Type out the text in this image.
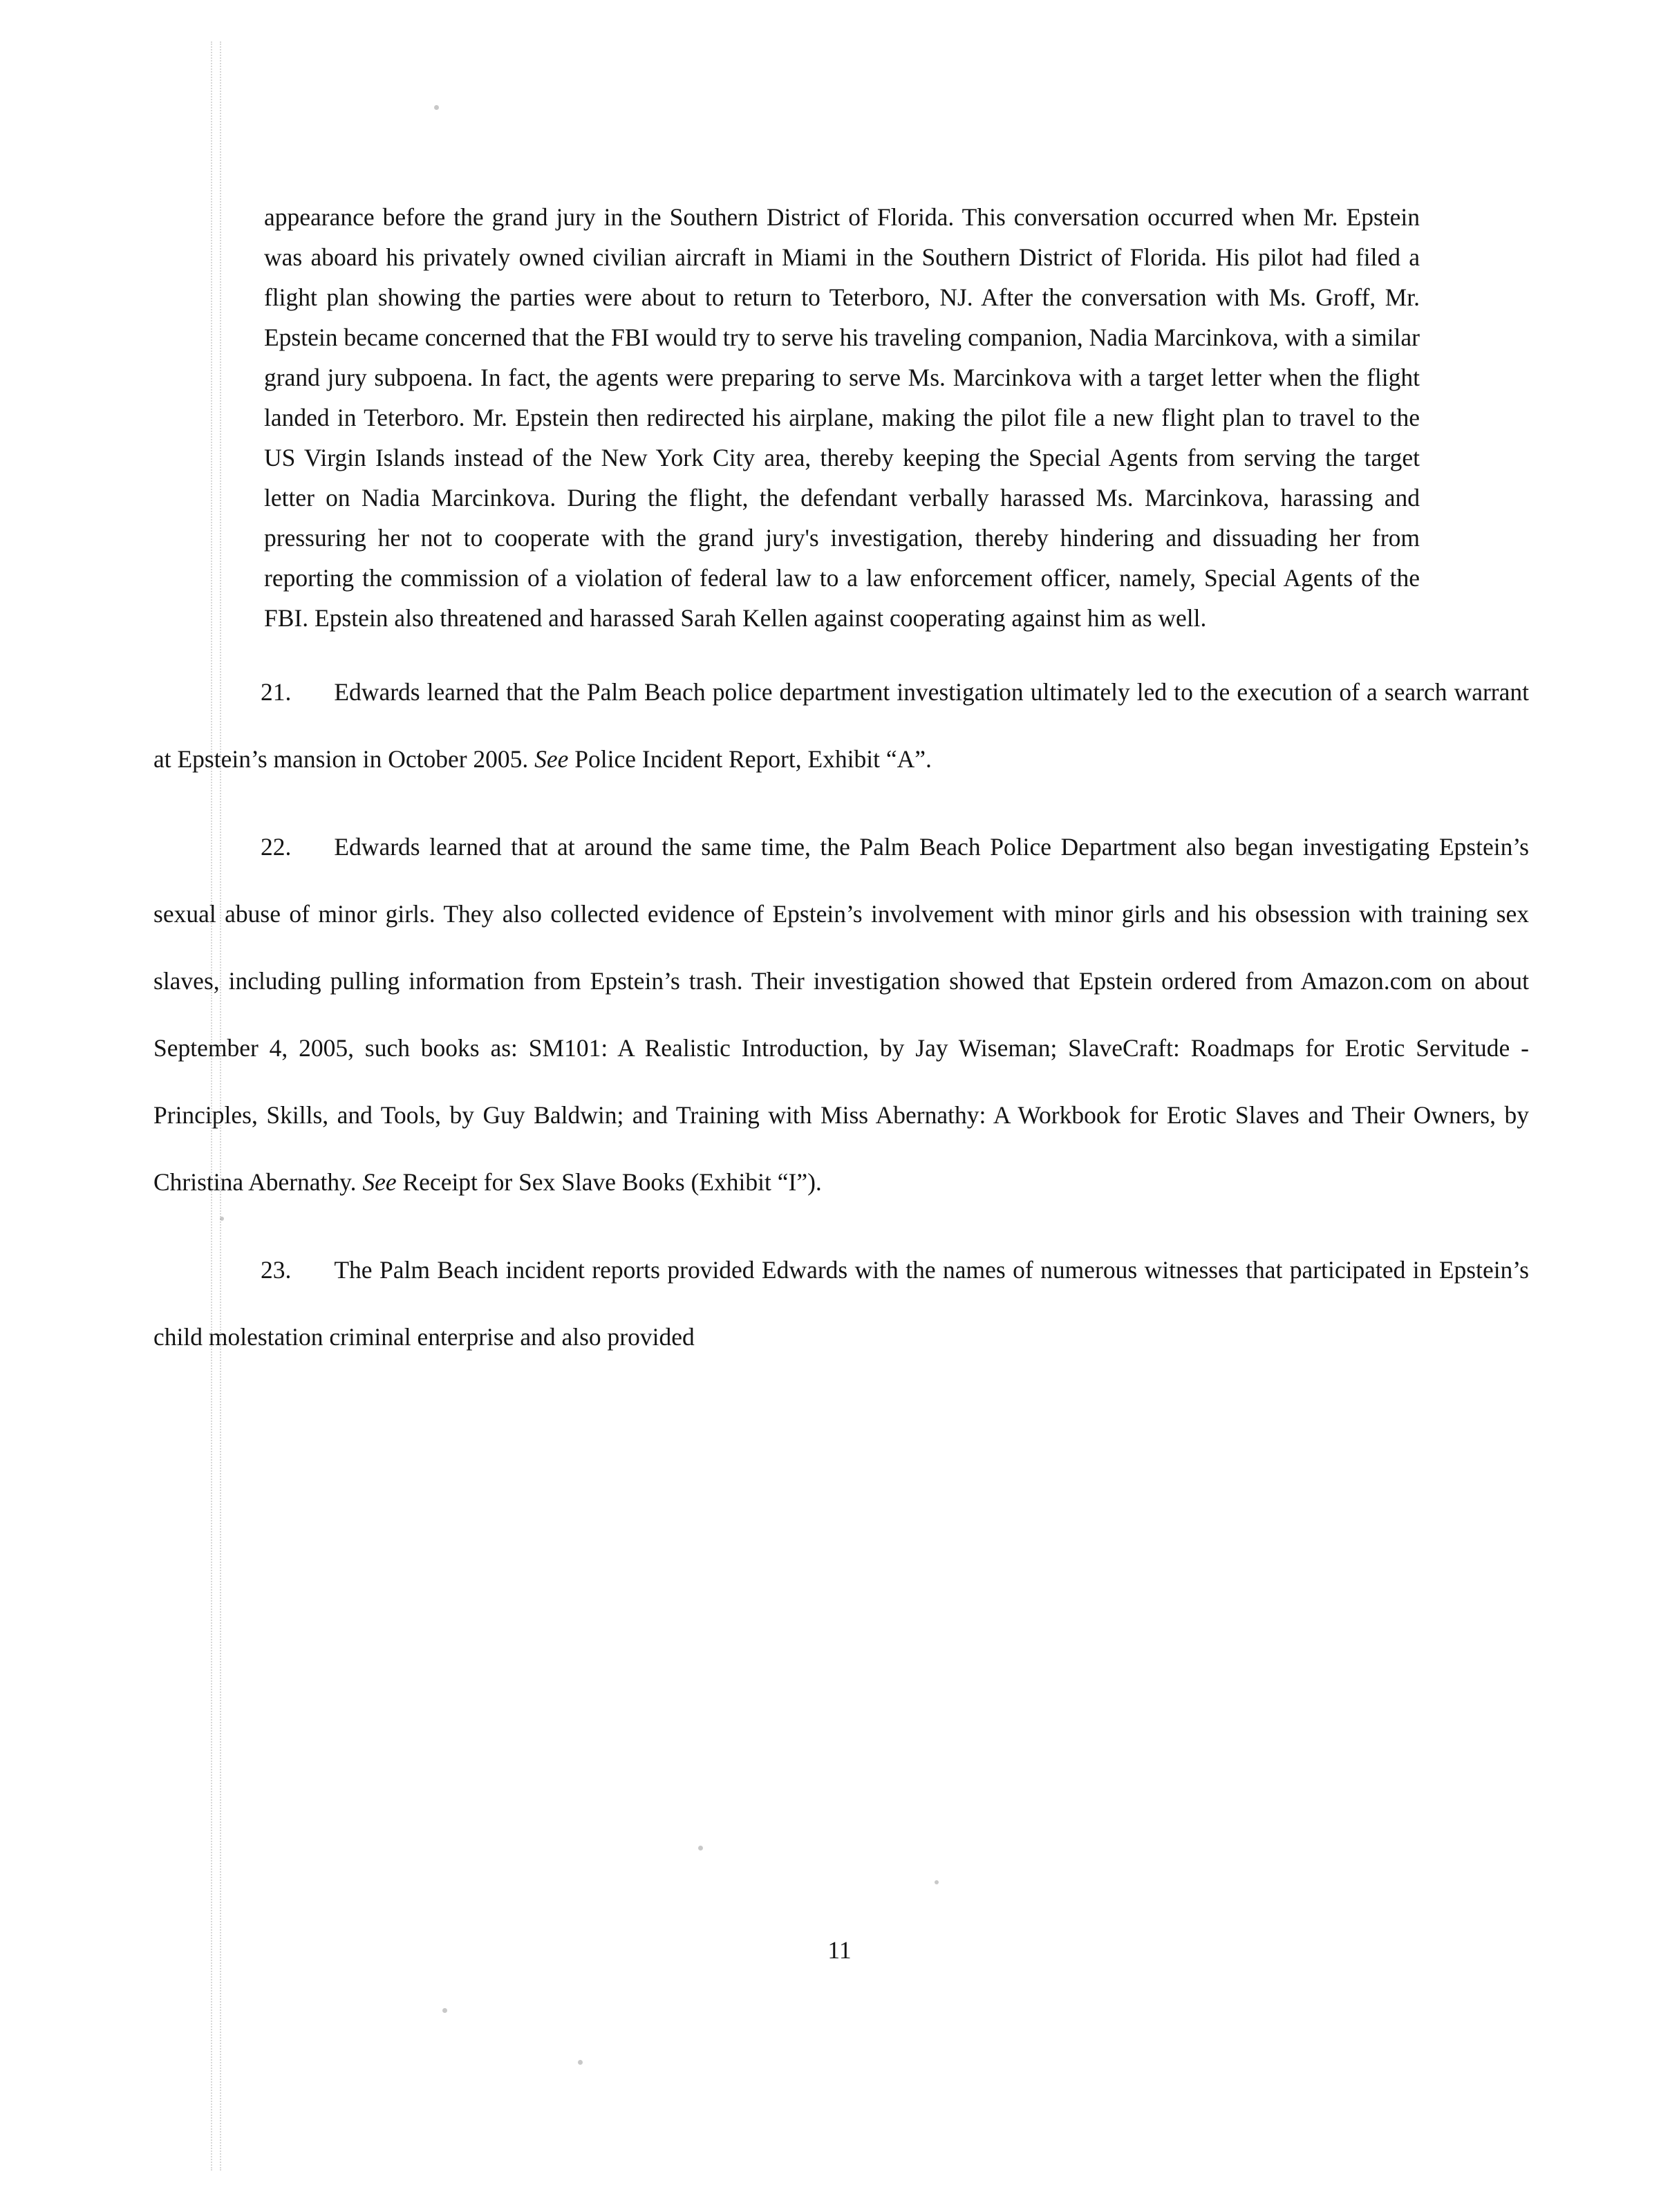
appearance before the grand jury in the Southern District of Florida. This conversation occurred when Mr. Epstein was aboard his privately owned civilian aircraft in Miami in the Southern District of Florida. His pilot had filed a flight plan showing the parties were about to return to Teterboro, NJ. After the conversation with Ms. Groff, Mr. Epstein became concerned that the FBI would try to serve his traveling companion, Nadia Marcinkova, with a similar grand jury subpoena. In fact, the agents were preparing to serve Ms. Marcinkova with a target letter when the flight landed in Teterboro. Mr. Epstein then redirected his airplane, making the pilot file a new flight plan to travel to the US Virgin Islands instead of the New York City area, thereby keeping the Special Agents from serving the target letter on Nadia Marcinkova. During the flight, the defendant verbally harassed Ms. Marcinkova, harassing and pressuring her not to cooperate with the grand jury's investigation, thereby hindering and dissuading her from reporting the commission of a violation of federal law to a law enforcement officer, namely, Special Agents of the FBI. Epstein also threatened and harassed Sarah Kellen against cooperating against him as well.
21. Edwards learned that the Palm Beach police department investigation ultimately led to the execution of a search warrant at Epstein’s mansion in October 2005. See Police Incident Report, Exhibit “A”.
22. Edwards learned that at around the same time, the Palm Beach Police Department also began investigating Epstein’s sexual abuse of minor girls. They also collected evidence of Epstein’s involvement with minor girls and his obsession with training sex slaves, including pulling information from Epstein’s trash. Their investigation showed that Epstein ordered from Amazon.com on about September 4, 2005, such books as: SM101: A Realistic Introduction, by Jay Wiseman; SlaveCraft: Roadmaps for Erotic Servitude - Principles, Skills, and Tools, by Guy Baldwin; and Training with Miss Abernathy: A Workbook for Erotic Slaves and Their Owners, by Christina Abernathy. See Receipt for Sex Slave Books (Exhibit “I”).
23. The Palm Beach incident reports provided Edwards with the names of numerous witnesses that participated in Epstein’s child molestation criminal enterprise and also provided
11
